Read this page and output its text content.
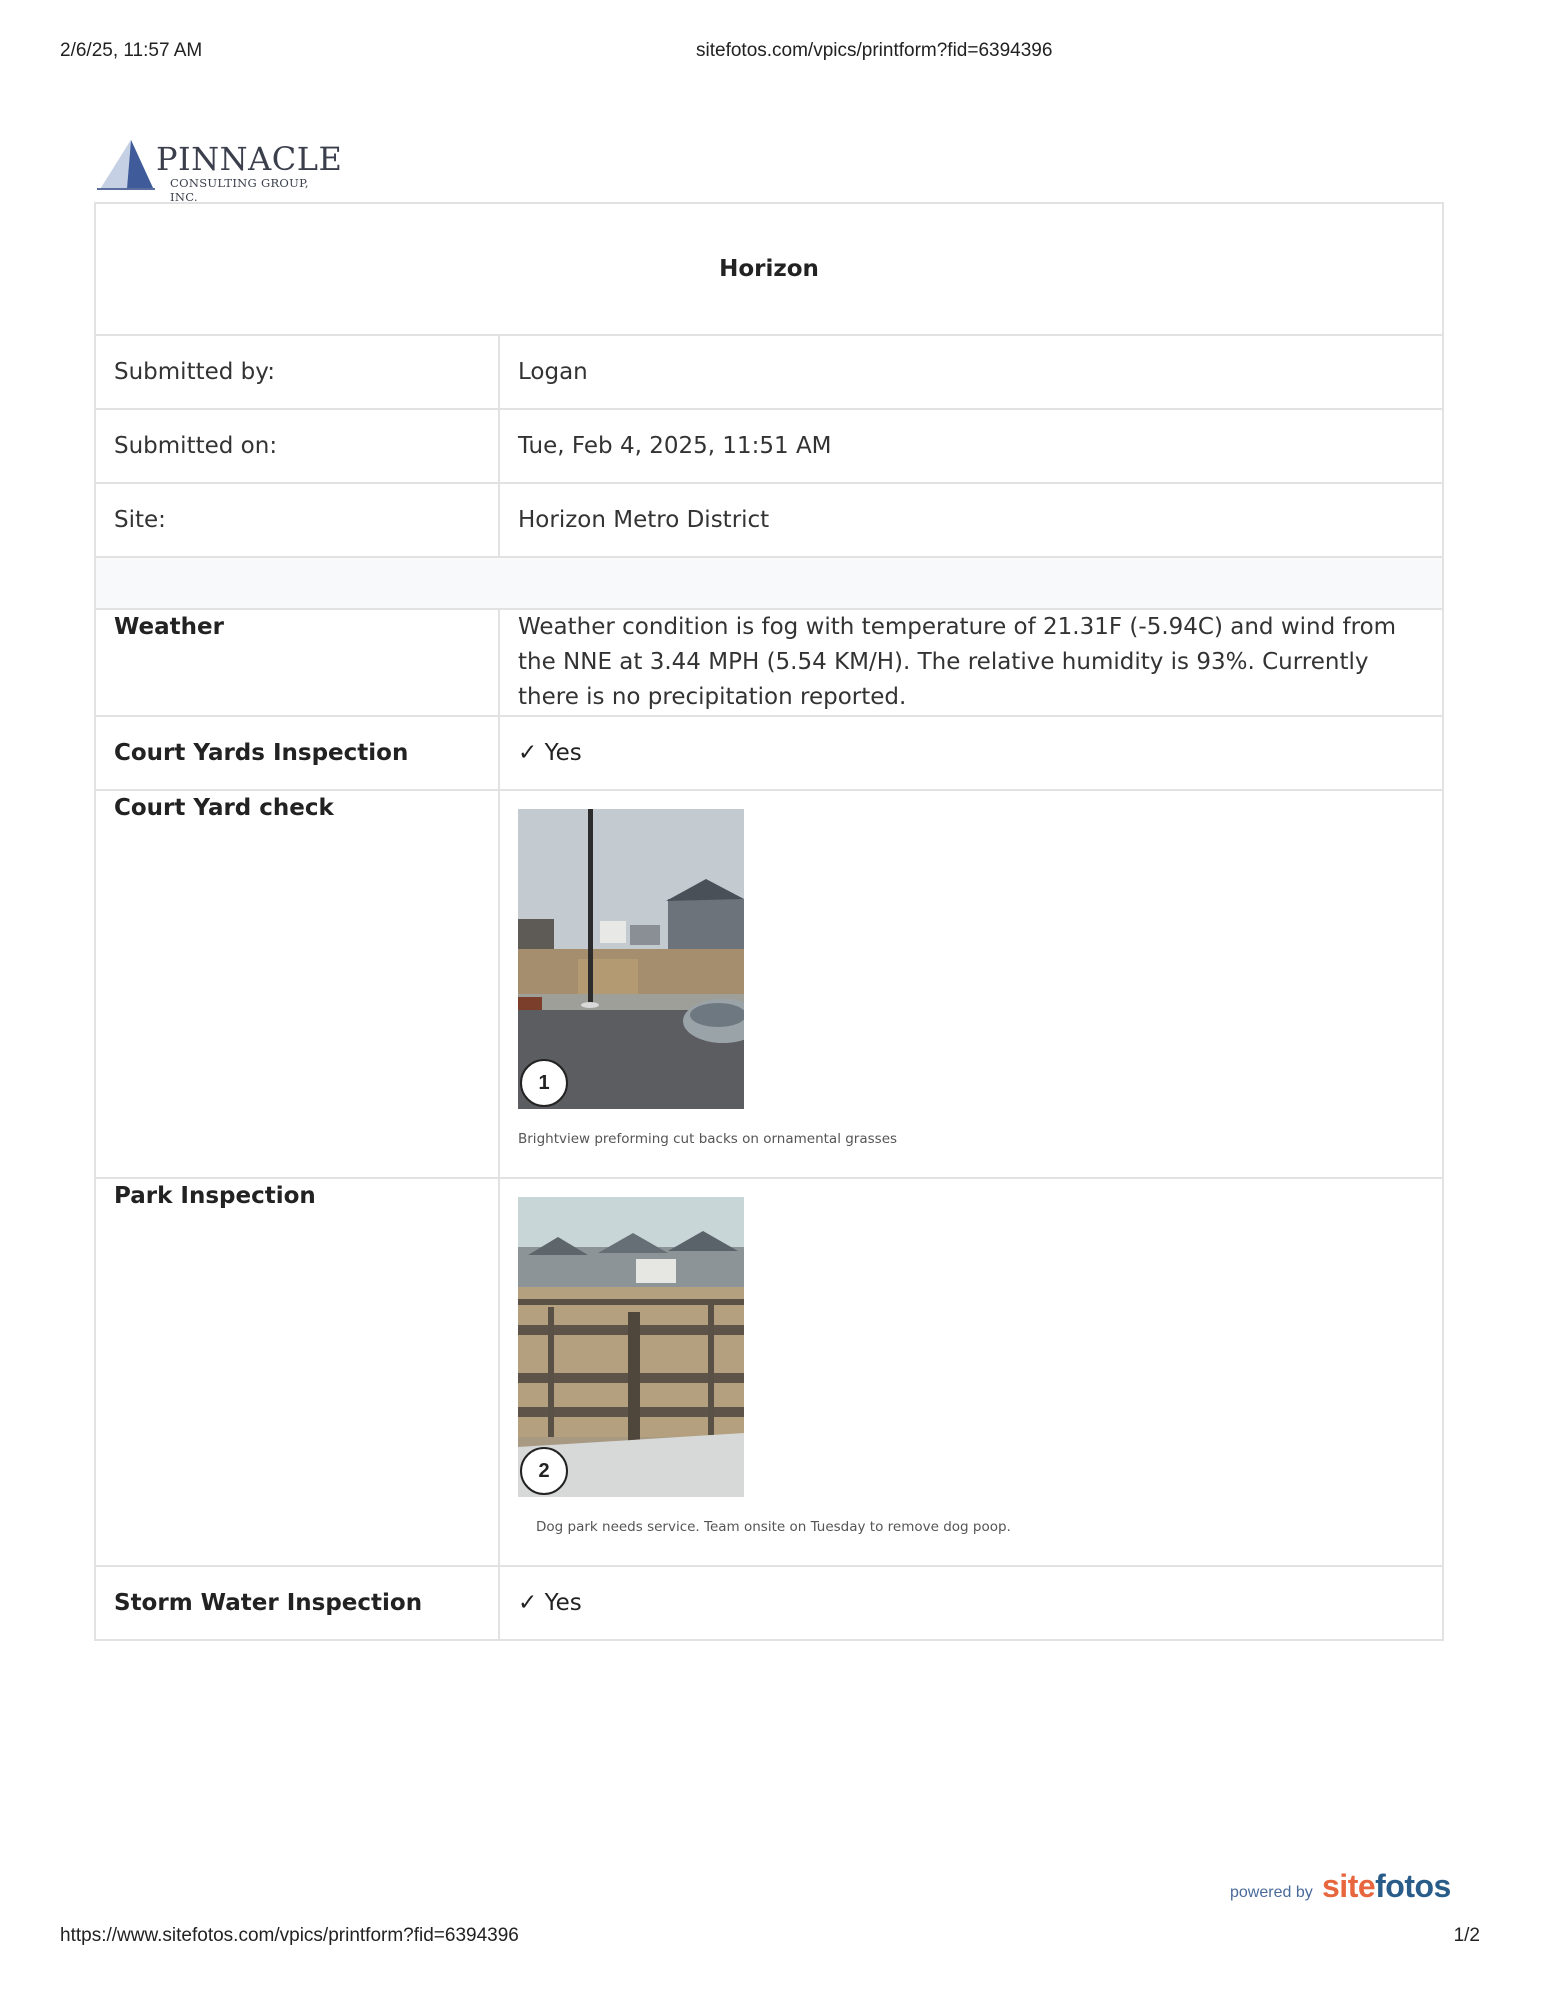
2/6/25, 11:57 AM	sitefotos.com/vpics/printform?fid=6394396
PINNACLE
CONSULTING GROUP, INC.
Horizon	
Submitted by:	Logan
Submitted on:	Tue, Feb 4, 2025, 11:51 AM
Site:	Horizon Metro District

Weather	Weather condition is fog with temperature of 21.31F (-5.94C) and wind from the NNE at 3.44 MPH (5.54 KM/H). The relative humidity is 93%. Currently there is no precipitation reported.
Court Yards Inspection	✓ Yes
Court Yard check	1
Brightview preforming cut backs on ornamental grasses

Park Inspection	2
Dog park needs service. Team onsite on Tuesday to remove dog poop.

Storm Water Inspection	✓ Yes
powered by sitefotos
https://www.sitefotos.com/vpics/printform?fid=6394396	1/2
